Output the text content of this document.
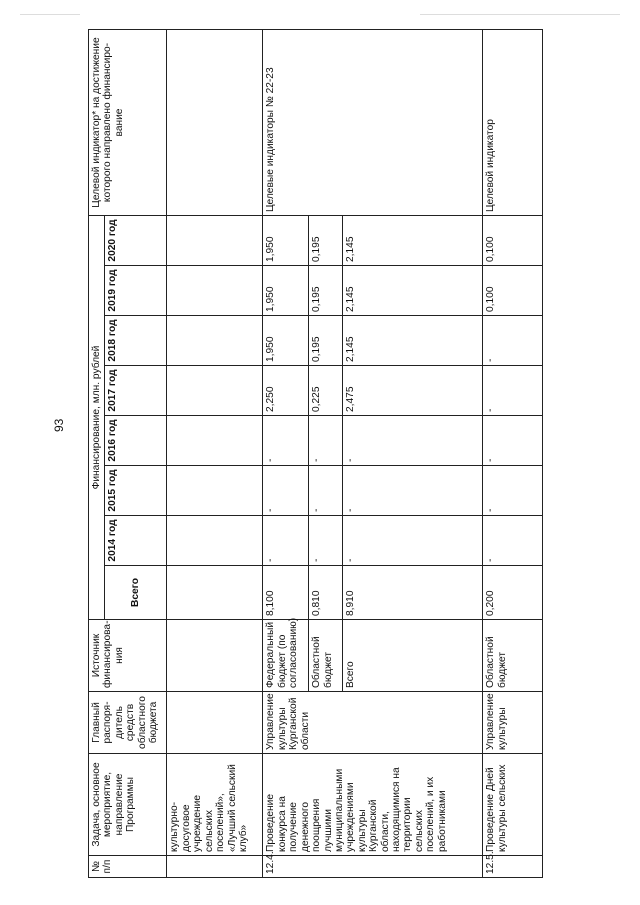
93
№ п/п	Задача, основное мероприятие, направление Программы	Главный распоря-дитель средств областного бюджета	Источник финансирова-ния	Финансирование, млн. рублей								Целевой индикатор* на достижение которого направлено финансиро-вание
				Всего	2014 год	2015 год	2016 год	2017 год	2018 год	2019 год	2020 год	
	культурно-досуговое учреждение сельских поселений», «Лучший сельский клуб»											
12.4.	Проведение конкурса на получение денежного поощрения лучшими муниципальными учреждениями культуры Курганской области, находящимися на территории сельских поселений, и их работниками	Управление культуры Курганской области	Федеральный бюджет (по согласованию)	8,100	-	-	-	2,250	1,950	1,950	1,950	Целевые индикаторы № 22-23
			Областной бюджет	0,810	-	-	-	0,225	0,195	0,195	0,195	
			Всего	8,910	-	-	-	2,475	2,145	2,145	2,145	
12.5.	Проведение Дней культуры сельских	Управление культуры	Областной бюджет	0,200	-	-	-	-	-	0,100	0,100	Целевой индикатор
